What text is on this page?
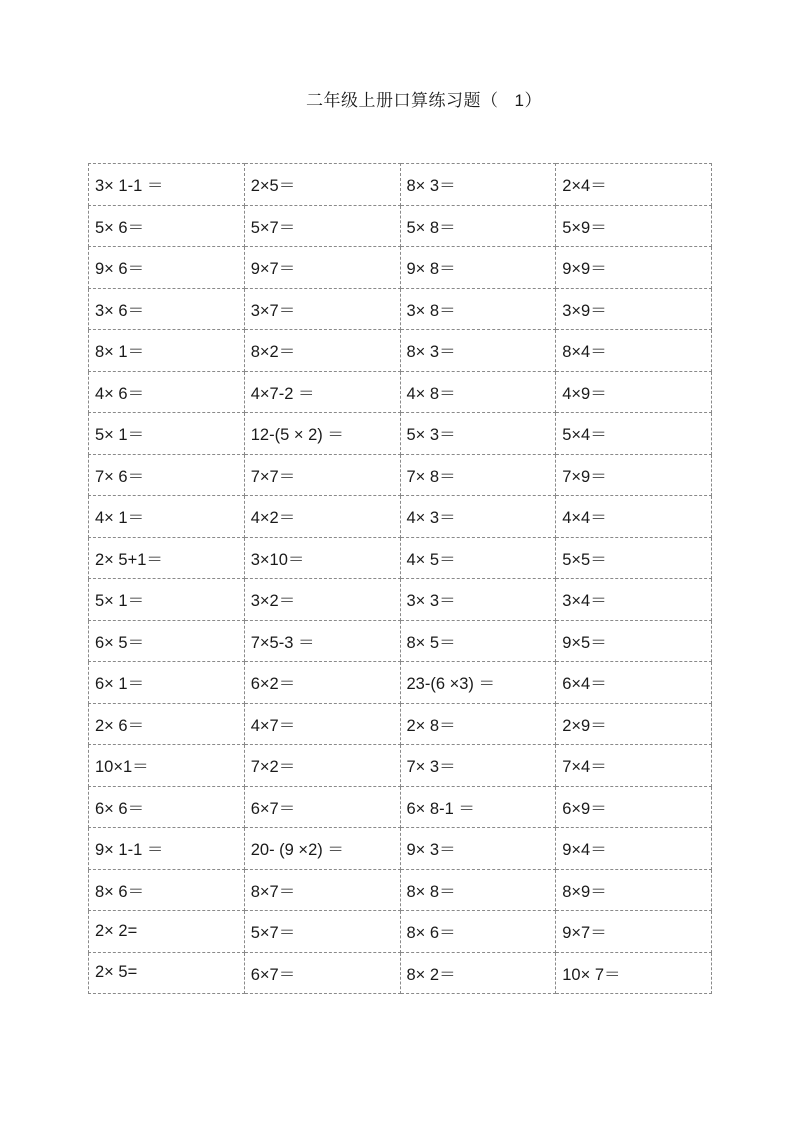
二年级上册口算练习题（ 1）
3× 1-1 ＝	2×5＝	8× 3＝	2×4＝
5× 6＝	5×7＝	5× 8＝	5×9＝
9× 6＝	9×7＝	9× 8＝	9×9＝
3× 6＝	3×7＝	3× 8＝	3×9＝
8× 1＝	8×2＝	8× 3＝	8×4＝
4× 6＝	4×7-2 ＝	4× 8＝	4×9＝
5× 1＝	12-(5 × 2) ＝	5× 3＝	5×4＝
7× 6＝	7×7＝	7× 8＝	7×9＝
4× 1＝	4×2＝	4× 3＝	4×4＝
2× 5+1＝	3×10＝	4× 5＝	5×5＝
5× 1＝	3×2＝	3× 3＝	3×4＝
6× 5＝	7×5-3 ＝	8× 5＝	9×5＝
6× 1＝	6×2＝	23-(6 ×3) ＝	6×4＝
2× 6＝	4×7＝	2× 8＝	2×9＝
10×1＝	7×2＝	7× 3＝	7×4＝
6× 6＝	6×7＝	6× 8-1 ＝	6×9＝
9× 1-1 ＝	20- (9 ×2) ＝	9× 3＝	9×4＝
8× 6＝	8×7＝	8× 8＝	8×9＝
2× 2=	5×7＝	8× 6＝	9×7＝
2× 5=	6×7＝	8× 2＝	10× 7＝
